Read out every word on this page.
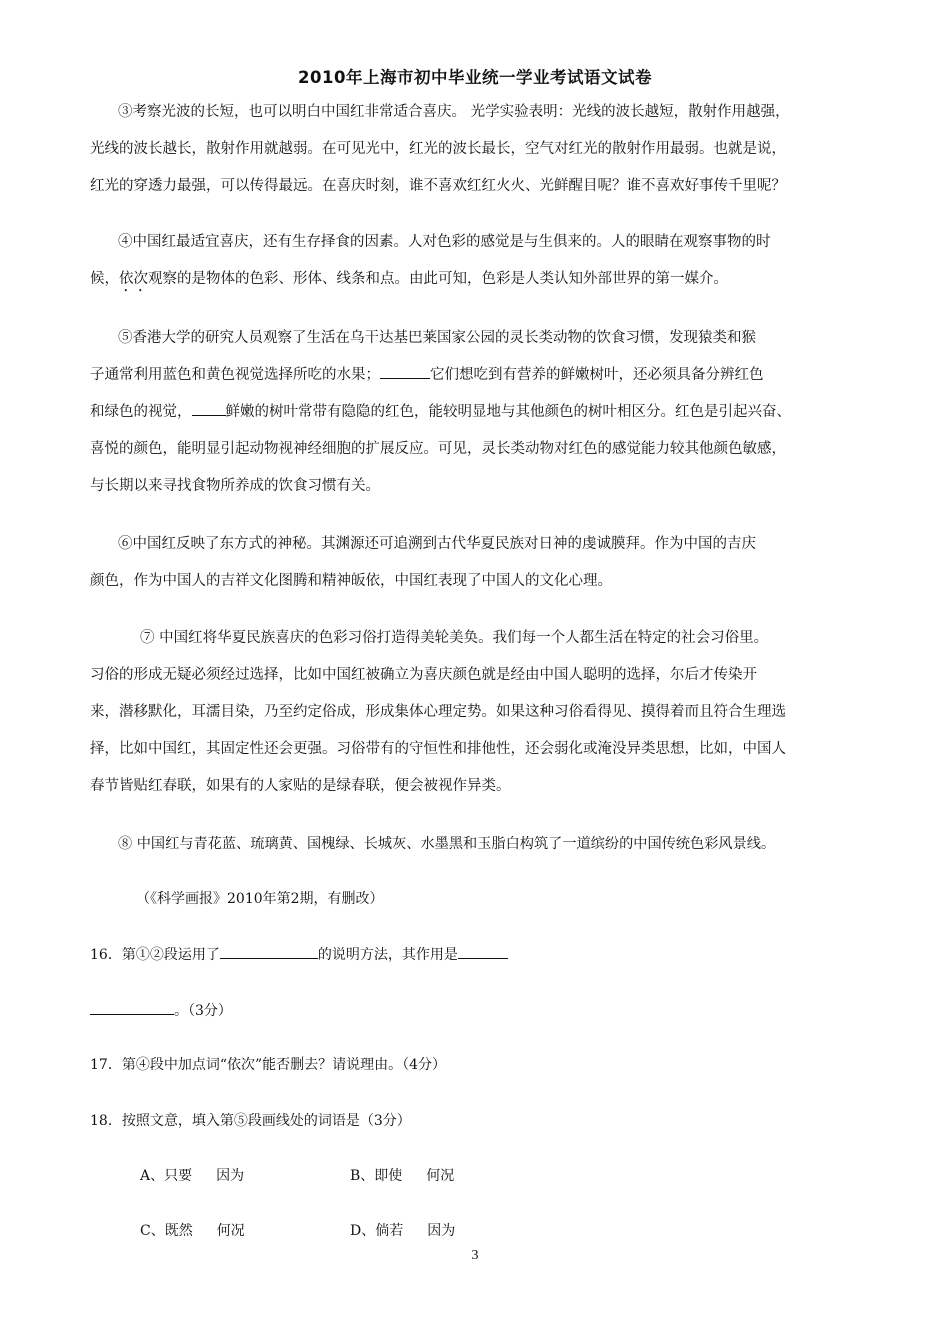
2010年上海市初中毕业统一学业考试语文试卷

③考察光波的长短，也可以明白中国红非常适合喜庆。 光学实验表明：光线的波长越短，散射作用越强，

光线的波长越长，散射作用就越弱。在可见光中，红光的波长最长，空气对红光的散射作用最弱。也就是说，

红光的穿透力最强，可以传得最远。在喜庆时刻，谁不喜欢红红火火、光鲜醒目呢？谁不喜欢好事传千里呢？

④中国红最适宜喜庆，还有生存择食的因素。人对色彩的感觉是与生俱来的。人的眼睛在观察事物的时

候，依次观察的是物体的色彩、形体、线条和点。由此可知，色彩是人类认知外部世界的第一媒介。

⑤香港大学的研究人员观察了生活在乌干达基巴莱国家公园的灵长类动物的饮食习惯，发现猿类和猴

子通常利用蓝色和黄色视觉选择所吃的水果；	它们想吃到有营养的鲜嫩树叶，还必须具备分辨红色

和绿色的视觉， 鲜嫩的树叶常带有隐隐的红色，能较明显地与其他颜色的树叶相区分。红色是引起兴奋、

喜悦的颜色，能明显引起动物视神经细胞的扩展反应。可见，灵长类动物对红色的感觉能力较其他颜色敏感，

与长期以来寻找食物所养成的饮食习惯有关。

⑥中国红反映了东方式的神秘。其渊源还可追溯到古代华夏民族对日神的虔诚膜拜。作为中国的吉庆

颜色，作为中国人的吉祥文化图腾和精神皈依，中国红表现了中国人的文化心理。

⑦ 中国红将华夏民族喜庆的色彩习俗打造得美轮美奂。我们每一个人都生活在特定的社会习俗里。

习俗的形成无疑必须经过选择，比如中国红被确立为喜庆颜色就是经由中国人聪明的选择，尔后才传染开

来，潜移默化，耳濡目染，乃至约定俗成，形成集体心理定势。如果这种习俗看得见、摸得着而且符合生理选

择，比如中国红，其固定性还会更强。习俗带有的守恒性和排他性，还会弱化或淹没异类思想，比如，中国人

春节皆贴红春联，如果有的人家贴的是绿春联，便会被视作异类。

⑧ 中国红与青花蓝、琉璃黄、国槐绿、长城灰、水墨黑和玉脂白构筑了一道缤纷的中国传统色彩风景线。

（《科学画报》2010年第2期，有删改）
16．第①②段运用了	的说明方法，其作用是
。（3分）
17．第④段中加点词“依次”能否删去？请说理由。（4分）
18．按照文意，填入第⑤段画线处的词语是（3分）
A、只要 因为	B、即使 何况
C、既然 何况	D、倘若 因为
3
